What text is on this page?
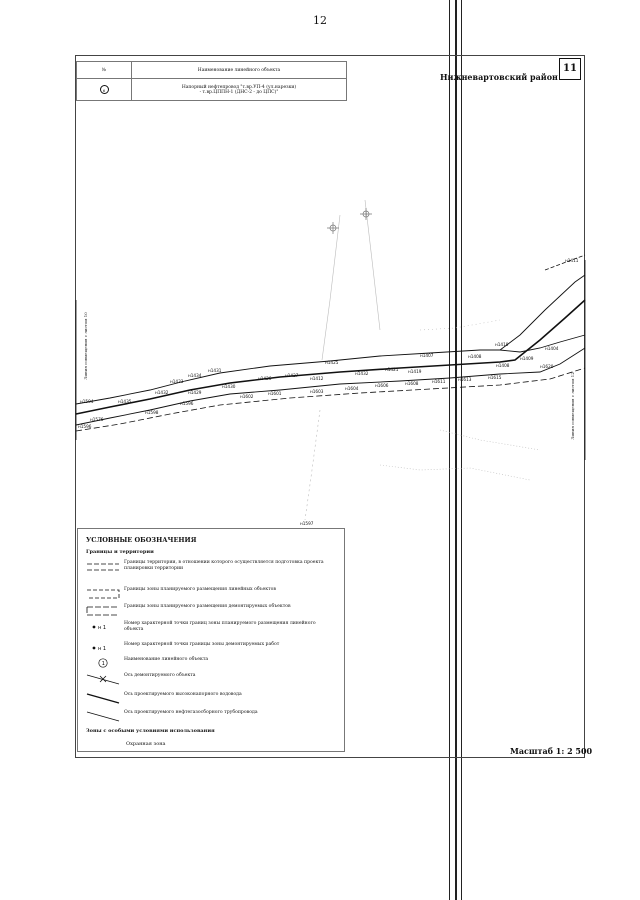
12
№	Наименование линейного объекта
6	Напорный нефтепровод "т.вр.УП-4 (ул.нарезки)
- т.вр.ЦППН-1 (ДНС-2 - до ЦПС)"
Нижневартовский район
11
н1594
н1596
н1435
н1432
н1433
н1434
н1431
н1430
н1429
н1426
н1427
н1425
н1432
н1421 н1419
н1407	н1408
н1410
н1409
н1408
н1412
н1411
н1404
н1576
н1598
н1596
н1602
н1601	н1603
н1604
н1606	н1608	н1611	н1613	н1615
н1620
н1597
Линия совмещения с листом 10
Линия совмещения с листом 12
УСЛОВНЫЕ ОБОЗНАЧЕНИЯ
Границы и территории
Границы территории, в отношении которого осуществляется подготовка проекта планировки территории
Границы зоны планируемого размещения линейных объектов
Границы зоны планируемого размещения демонтируемых объектов
н 1
Номер характерной точки границ зоны планируемого размещения линейного объекта
н 1
Номер характерной точки границы зоны демонтируемых работ
1
Наименование линейного объекта
Ось демонтируемого объекта
Ось проектируемого высоконапорного водовода
Ось проектируемого нефтегазосборного трубопровода
Зоны с особыми условиями использования
Охранная зона
Масштаб 1: 2 500
